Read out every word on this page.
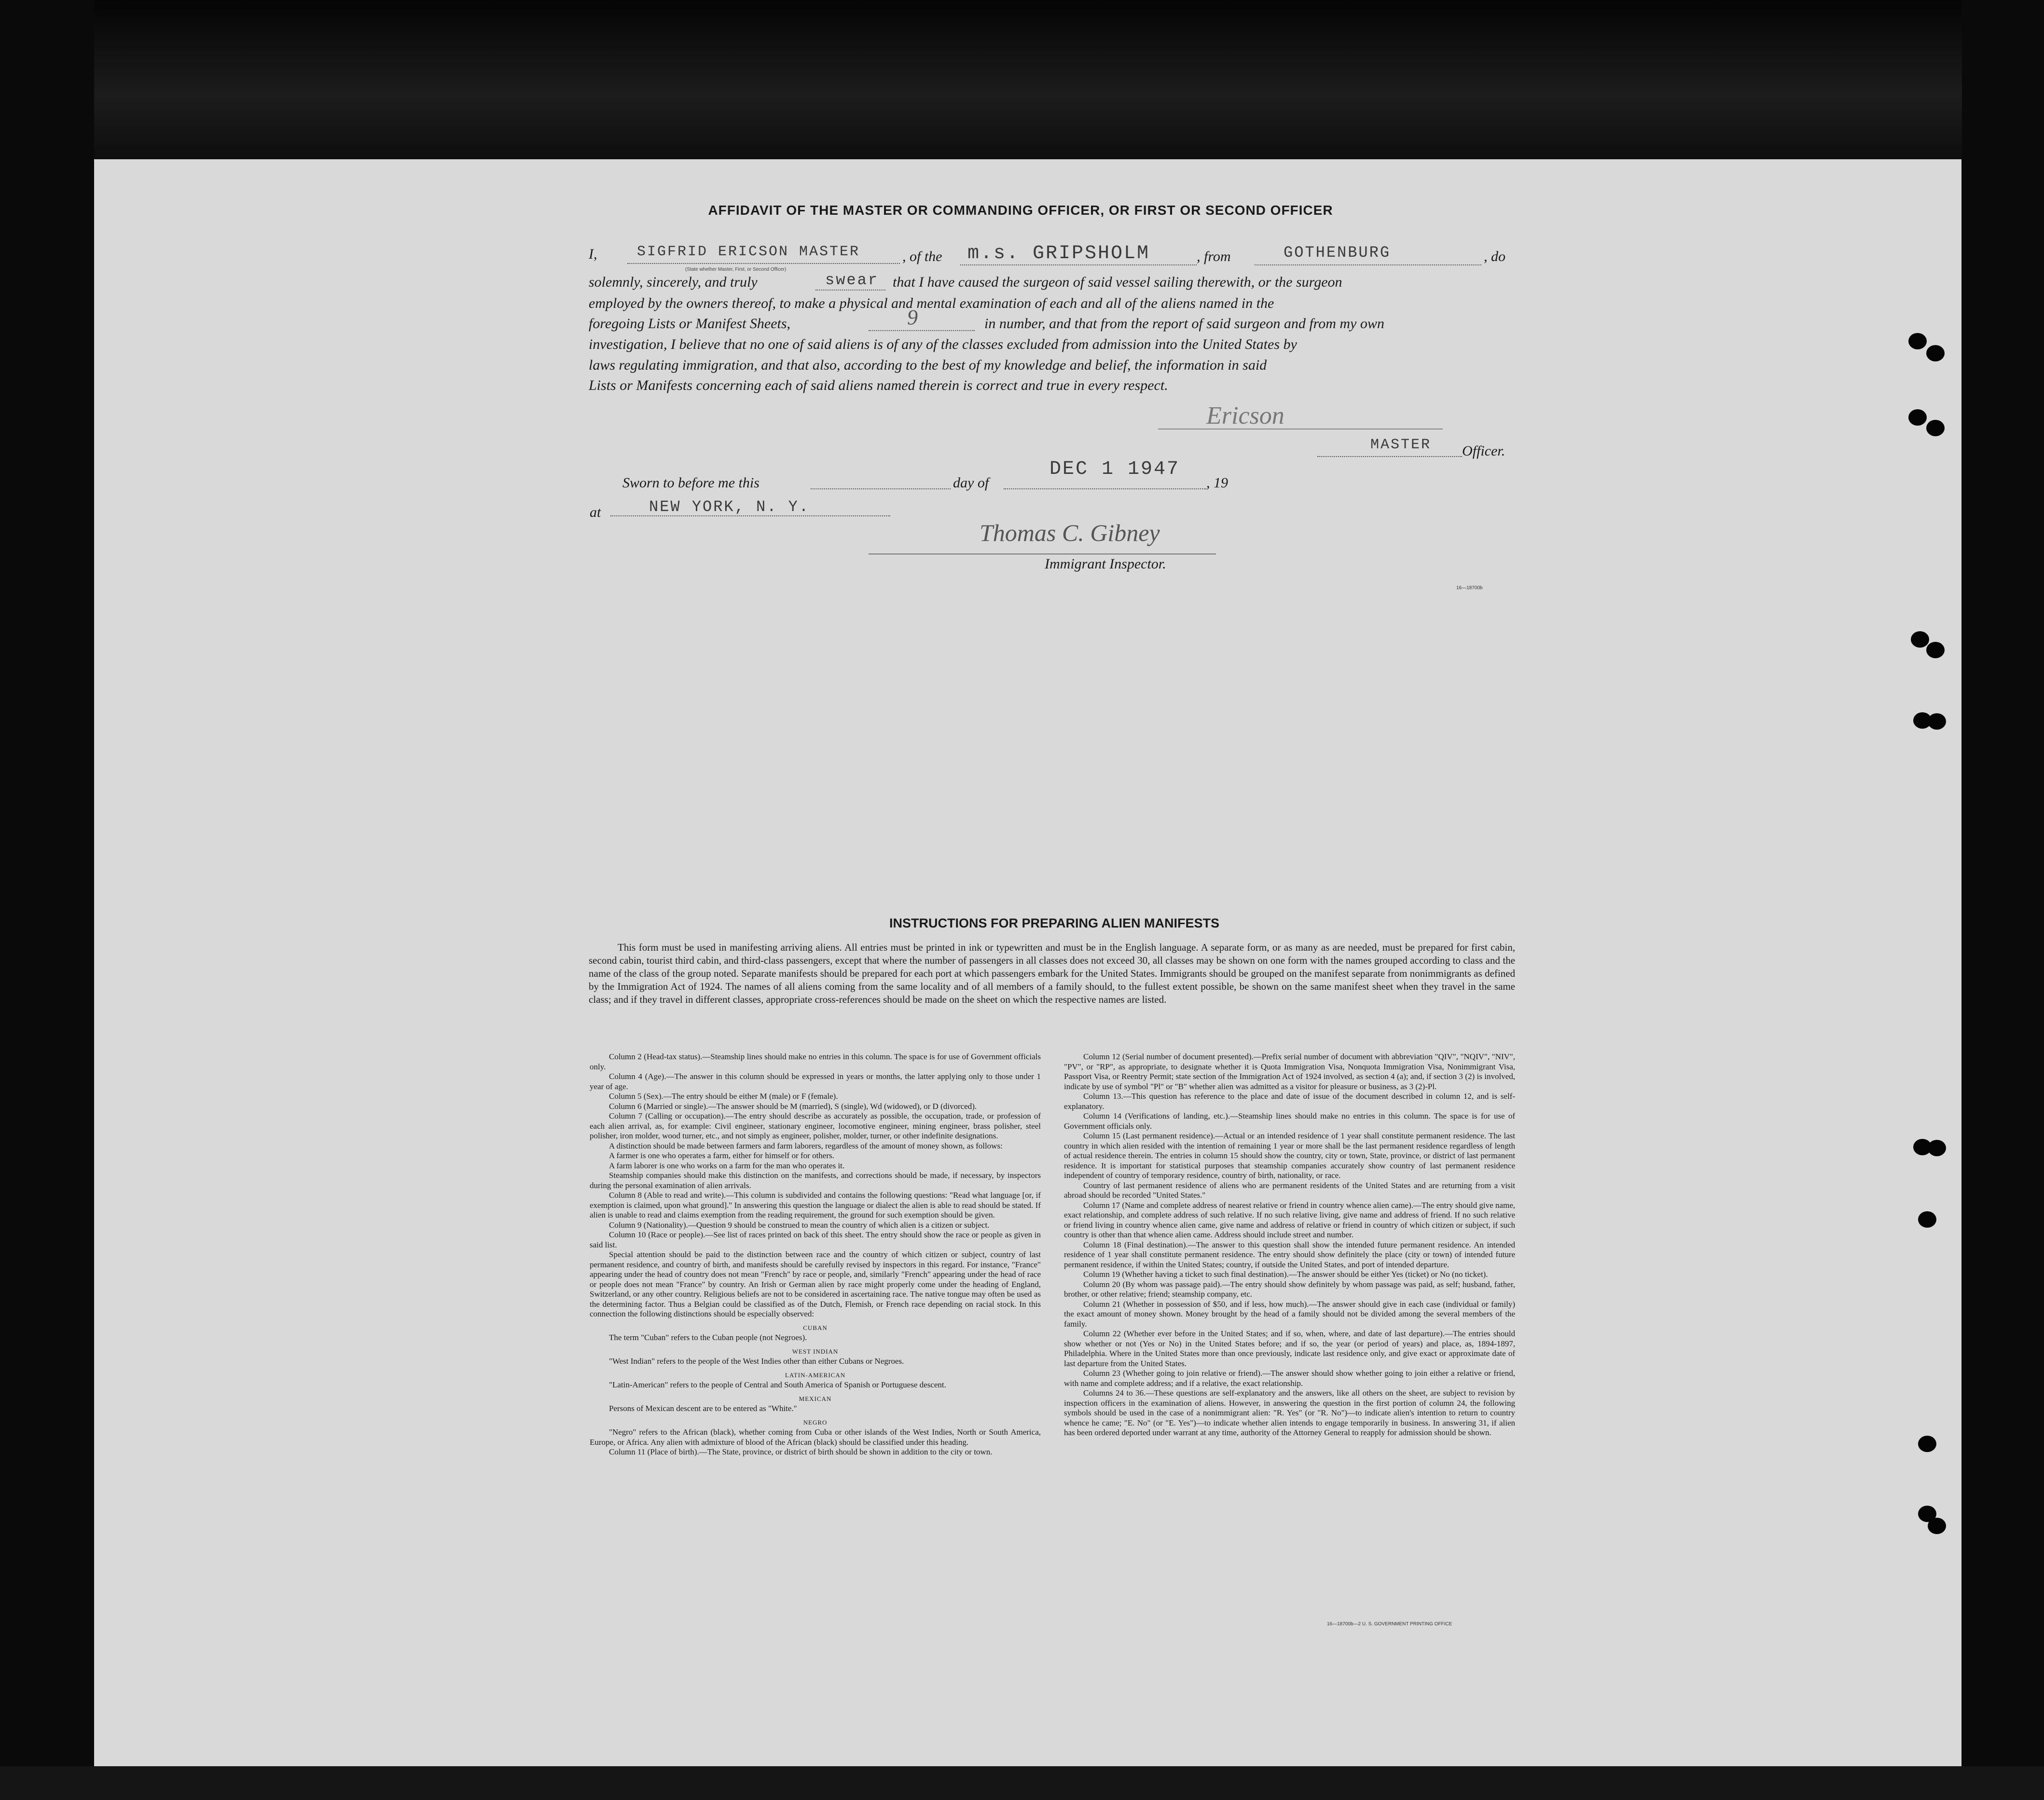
AFFIDAVIT OF THE MASTER OR COMMANDING OFFICER, OR FIRST OR SECOND OFFICER
I,	SIGFRID ERICSON MASTER
(State whether Master, First, or Second Officer)
, of the m.s. GRIPSHOLM	, from	GOTHENBURG	, do
solemnly, sincerely, and truly	swear that I have caused the surgeon of said vessel sailing therewith, or the surgeon
employed by the owners thereof, to make a physical and mental examination of each and all of the aliens named in the
foregoing Lists or Manifest Sheets,	9	in number, and that from the report of said surgeon and from my own
investigation, I believe that no one of said aliens is of any of the classes excluded from admission into the United States by
laws regulating immigration, and that also, according to the best of my knowledge and belief, the information in said
Lists or Manifests concerning each of said aliens named therein is correct and true in every respect.
Ericson
MASTER Officer.
Sworn to before me this	day of
DEC 1 1947
, 19
at	NEW YORK, N. Y.
Thomas C. Gibney
Immigrant Inspector.
16—18700b
INSTRUCTIONS FOR PREPARING ALIEN MANIFESTS
This form must be used in manifesting arriving aliens. All entries must be printed in ink or typewritten and must be in the English language. A separate form, or as many as are needed, must be prepared for first cabin, second cabin, tourist third cabin, and third-class passengers, except that where the number of passengers in all classes does not exceed 30, all classes may be shown on one form with the names grouped according to class and the name of the class of the group noted. Separate manifests should be prepared for each port at which passengers embark for the United States. Immigrants should be grouped on the manifest separate from nonimmigrants as defined by the Immigration Act of 1924. The names of all aliens coming from the same locality and of all members of a family should, to the fullest extent possible, be shown on the same manifest sheet when they travel in the same class; and if they travel in different classes, appropriate cross-references should be made on the sheet on which the respective names are listed.

Column 2 (Head-tax status).—Steamship lines should make no entries in this column. The space is for use of Government officials only.

Column 4 (Age).—The answer in this column should be expressed in years or months, the latter applying only to those under 1 year of age.

Column 5 (Sex).—The entry should be either M (male) or F (female).

Column 6 (Married or single).—The answer should be M (married), S (single), Wd (widowed), or D (divorced).

Column 7 (Calling or occupation).—The entry should describe as accurately as possible, the occupation, trade, or profession of each alien arrival, as, for example: Civil engineer, stationary engineer, locomotive engineer, mining engineer, brass polisher, steel polisher, iron molder, wood turner, etc., and not simply as engineer, polisher, molder, turner, or other indefinite designations.

A distinction should be made between farmers and farm laborers, regardless of the amount of money shown, as follows:

A farmer is one who operates a farm, either for himself or for others.

A farm laborer is one who works on a farm for the man who operates it.

Steamship companies should make this distinction on the manifests, and corrections should be made, if necessary, by inspectors during the personal examination of alien arrivals.

Column 8 (Able to read and write).—This column is subdivided and contains the following questions: "Read what language [or, if exemption is claimed, upon what ground]." In answering this question the language or dialect the alien is able to read should be stated. If alien is unable to read and claims exemption from the reading requirement, the ground for such exemption should be given.

Column 9 (Nationality).—Question 9 should be construed to mean the country of which alien is a citizen or subject.

Column 10 (Race or people).—See list of races printed on back of this sheet. The entry should show the race or people as given in said list.

Special attention should be paid to the distinction between race and the country of which citizen or subject, country of last permanent residence, and country of birth, and manifests should be carefully revised by inspectors in this regard. For instance, "France" appearing under the head of country does not mean "French" by race or people, and, similarly "French" appearing under the head of race or people does not mean "France" by country. An Irish or German alien by race might properly come under the heading of England, Switzerland, or any other country. Religious beliefs are not to be considered in ascertaining race. The native tongue may often be used as the determining factor. Thus a Belgian could be classified as of the Dutch, Flemish, or French race depending on racial stock. In this connection the following distinctions should be especially observed:

CUBAN

The term "Cuban" refers to the Cuban people (not Negroes).

WEST INDIAN

"West Indian" refers to the people of the West Indies other than either Cubans or Negroes.

LATIN-AMERICAN

"Latin-American" refers to the people of Central and South America of Spanish or Portuguese descent.

MEXICAN

Persons of Mexican descent are to be entered as "White."

NEGRO

"Negro" refers to the African (black), whether coming from Cuba or other islands of the West Indies, North or South America, Europe, or Africa. Any alien with admixture of blood of the African (black) should be classified under this heading.

Column 11 (Place of birth).—The State, province, or district of birth should be shown in addition to the city or town.

Column 12 (Serial number of document presented).—Prefix serial number of document with abbreviation "QIV", "NQIV", "NIV", "PV", or "RP", as appropriate, to designate whether it is Quota Immigration Visa, Nonquota Immigration Visa, Nonimmigrant Visa, Passport Visa, or Reentry Permit; state section of the Immigration Act of 1924 involved, as section 4 (a); and, if section 3 (2) is involved, indicate by use of symbol "Pl" or "B" whether alien was admitted as a visitor for pleasure or business, as 3 (2)-Pl.

Column 13.—This question has reference to the place and date of issue of the document described in column 12, and is self-explanatory.

Column 14 (Verifications of landing, etc.).—Steamship lines should make no entries in this column. The space is for use of Government officials only.

Column 15 (Last permanent residence).—Actual or an intended residence of 1 year shall constitute permanent residence. The last country in which alien resided with the intention of remaining 1 year or more shall be the last permanent residence regardless of length of actual residence therein. The entries in column 15 should show the country, city or town, State, province, or district of last permanent residence. It is important for statistical purposes that steamship companies accurately show country of last permanent residence independent of country of temporary residence, country of birth, nationality, or race.

Country of last permanent residence of aliens who are permanent residents of the United States and are returning from a visit abroad should be recorded "United States."

Column 17 (Name and complete address of nearest relative or friend in country whence alien came).—The entry should give name, exact relationship, and complete address of such relative. If no such relative living, give name and address of friend. If no such relative or friend living in country whence alien came, give name and address of relative or friend in country of which citizen or subject, if such country is other than that whence alien came. Address should include street and number.

Column 18 (Final destination).—The answer to this question shall show the intended future permanent residence. An intended residence of 1 year shall constitute permanent residence. The entry should show definitely the place (city or town) of intended future permanent residence, if within the United States; country, if outside the United States, and port of intended departure.

Column 19 (Whether having a ticket to such final destination).—The answer should be either Yes (ticket) or No (no ticket).

Column 20 (By whom was passage paid).—The entry should show definitely by whom passage was paid, as self; husband, father, brother, or other relative; friend; steamship company, etc.

Column 21 (Whether in possession of $50, and if less, how much).—The answer should give in each case (individual or family) the exact amount of money shown. Money brought by the head of a family should not be divided among the several members of the family.

Column 22 (Whether ever before in the United States; and if so, when, where, and date of last departure).—The entries should show whether or not (Yes or No) in the United States before; and if so, the year (or period of years) and place, as, 1894-1897, Philadelphia. Where in the United States more than once previously, indicate last residence only, and give exact or approximate date of last departure from the United States.

Column 23 (Whether going to join relative or friend).—The answer should show whether going to join either a relative or friend, with name and complete address; and if a relative, the exact relationship.

Columns 24 to 36.—These questions are self-explanatory and the answers, like all others on the sheet, are subject to revision by inspection officers in the examination of aliens. However, in answering the question in the first portion of column 24, the following symbols should be used in the case of a nonimmigrant alien: "R. Yes" (or "R. No")—to indicate alien's intention to return to country whence he came; "E. No" (or "E. Yes")—to indicate whether alien intends to engage temporarily in business. In answering 31, if alien has been ordered deported under warrant at any time, authority of the Attorney General to reapply for admission should be shown.

16—18700b—2 U. S. GOVERNMENT PRINTING OFFICE
